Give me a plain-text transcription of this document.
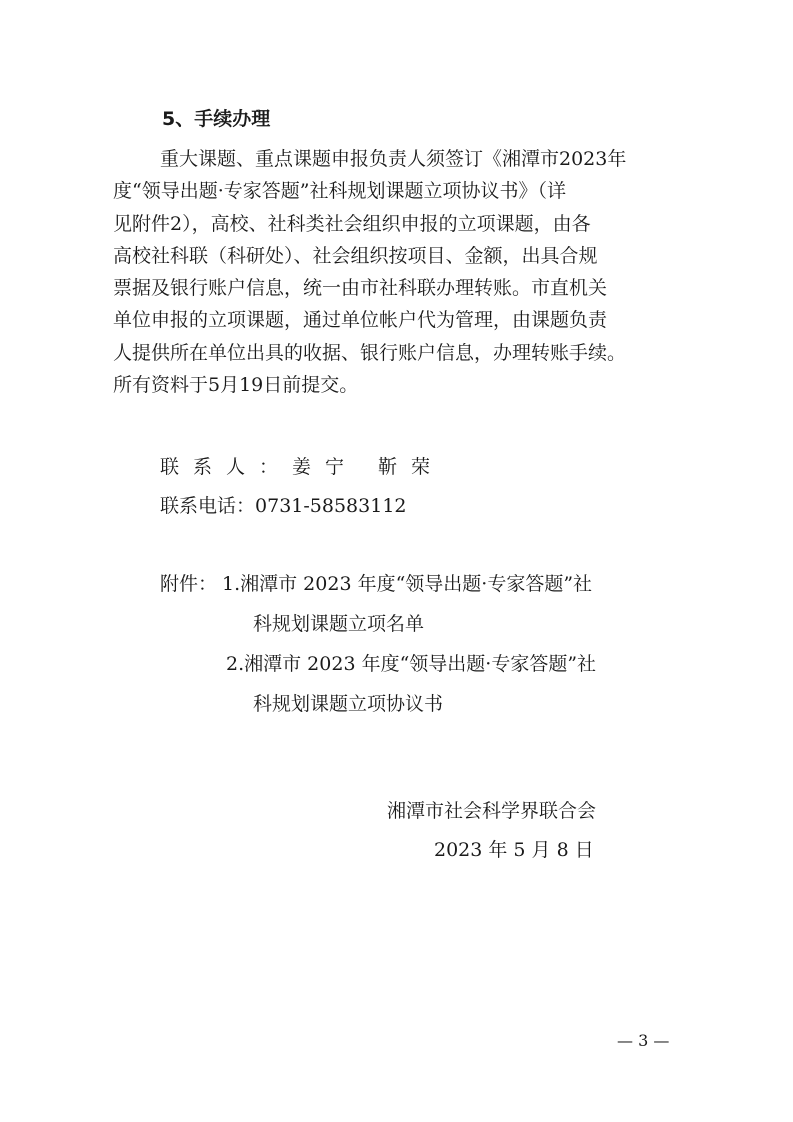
5、手续办理
重大课题、重点课题申报负责人须签订《湘潭市2023年
度“领导出题·专家答题”社科规划课题立项协议书》（详
见附件2），高校、社科类社会组织申报的立项课题，由各
高校社科联（科研处）、社会组织按项目、金额，出具合规
票据及银行账户信息，统一由市社科联办理转账。市直机关
单位申报的立项课题，通过单位帐户代为管理，由课题负责
人提供所在单位出具的收据、银行账户信息，办理转账手续。
所有资料于5月19日前提交。
联系人：姜宁 靳荣
联系电话：0731-58583112
附件： 1.湘潭市 2023 年度“领导出题·专家答题”社
科规划课题立项名单
2.湘潭市 2023 年度“领导出题·专家答题”社
科规划课题立项协议书
湘潭市社会科学界联合会
2023 年 5 月 8 日
— 3 —
